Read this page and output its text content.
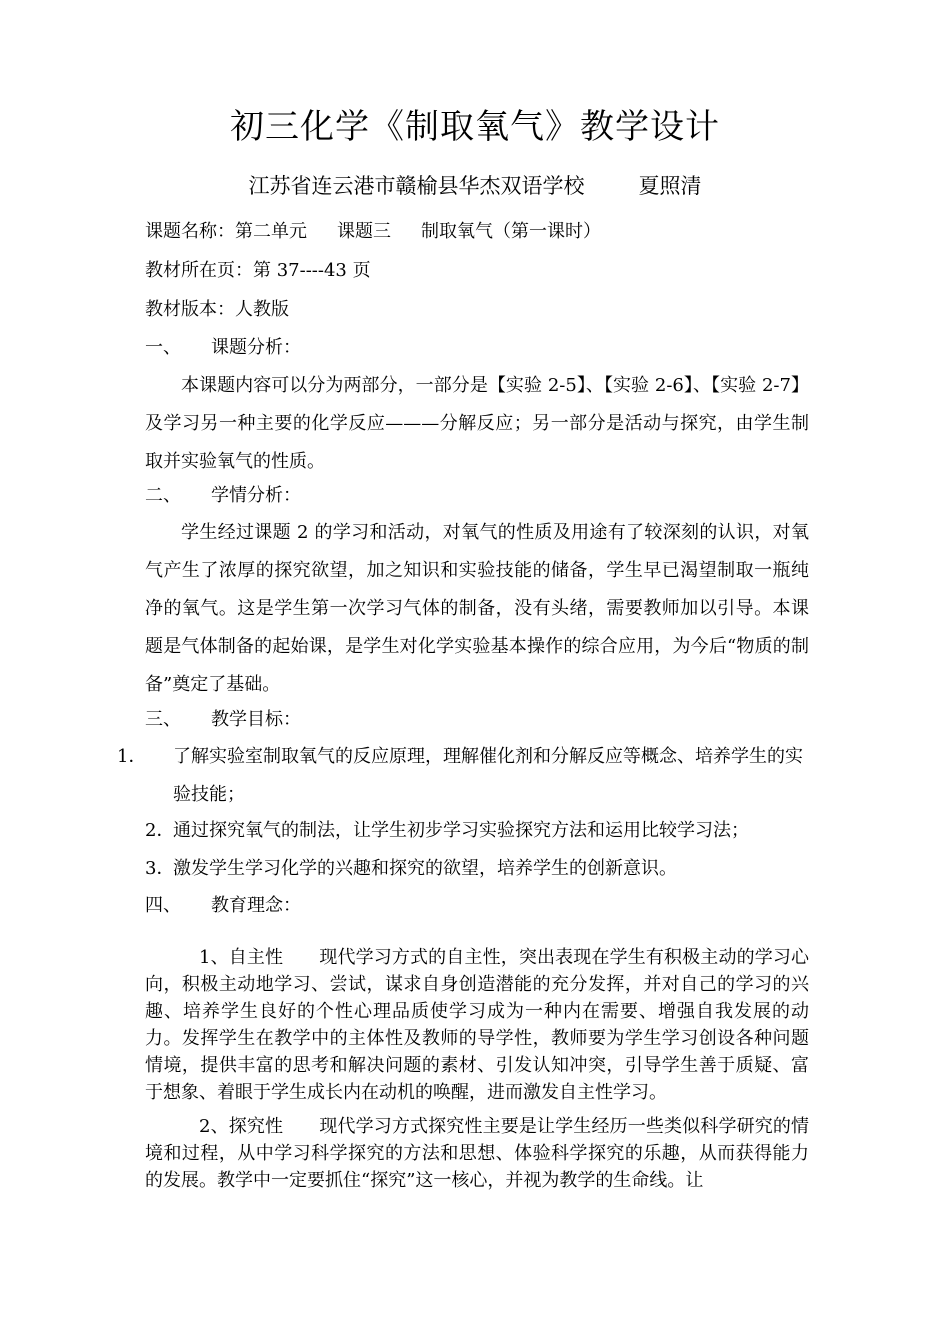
初三化学《制取氧气》教学设计
江苏省连云港市赣榆县华杰双语学校	夏照清
课题名称：第二单元 课题三 制取氧气（第一课时）
教材所在页：第 37----43 页
教材版本：人教版
一、 课题分析：
本课题内容可以分为两部分，一部分是【实验 2-5】、【实验 2-6】、【实验 2-7】及学习另一种主要的化学反应———分解反应；另一部分是活动与探究，由学生制取并实验氧气的性质。
二、 学情分析：
学生经过课题 2 的学习和活动，对氧气的性质及用途有了较深刻的认识，对氧气产生了浓厚的探究欲望，加之知识和实验技能的储备，学生早已渴望制取一瓶纯净的氧气。这是学生第一次学习气体的制备，没有头绪，需要教师加以引导。本课题是气体制备的起始课，是学生对化学实验基本操作的综合应用，为今后“物质的制备”奠定了基础。
三、 教学目标：
1． 了解实验室制取氧气的反应原理，理解催化剂和分解反应等概念、培养学生的实验技能；
2．通过探究氧气的制法，让学生初步学习实验探究方法和运用比较学习法；
3．激发学生学习化学的兴趣和探究的欲望，培养学生的创新意识。
四、 教育理念：
1、自主性 现代学习方式的自主性，突出表现在学生有积极主动的学习心向，积极主动地学习、尝试，谋求自身创造潜能的充分发挥，并对自己的学习的兴趣、培养学生良好的个性心理品质使学习成为一种内在需要、增强自我发展的动力。发挥学生在教学中的主体性及教师的导学性，教师要为学生学习创设各种问题情境，提供丰富的思考和解决问题的素材、引发认知冲突，引导学生善于质疑、富于想象、着眼于学生成长内在动机的唤醒，进而激发自主性学习。
2、探究性 现代学习方式探究性主要是让学生经历一些类似科学研究的情境和过程，从中学习科学探究的方法和思想、体验科学探究的乐趣，从而获得能力的发展。教学中一定要抓住“探究”这一核心，并视为教学的生命线。让
